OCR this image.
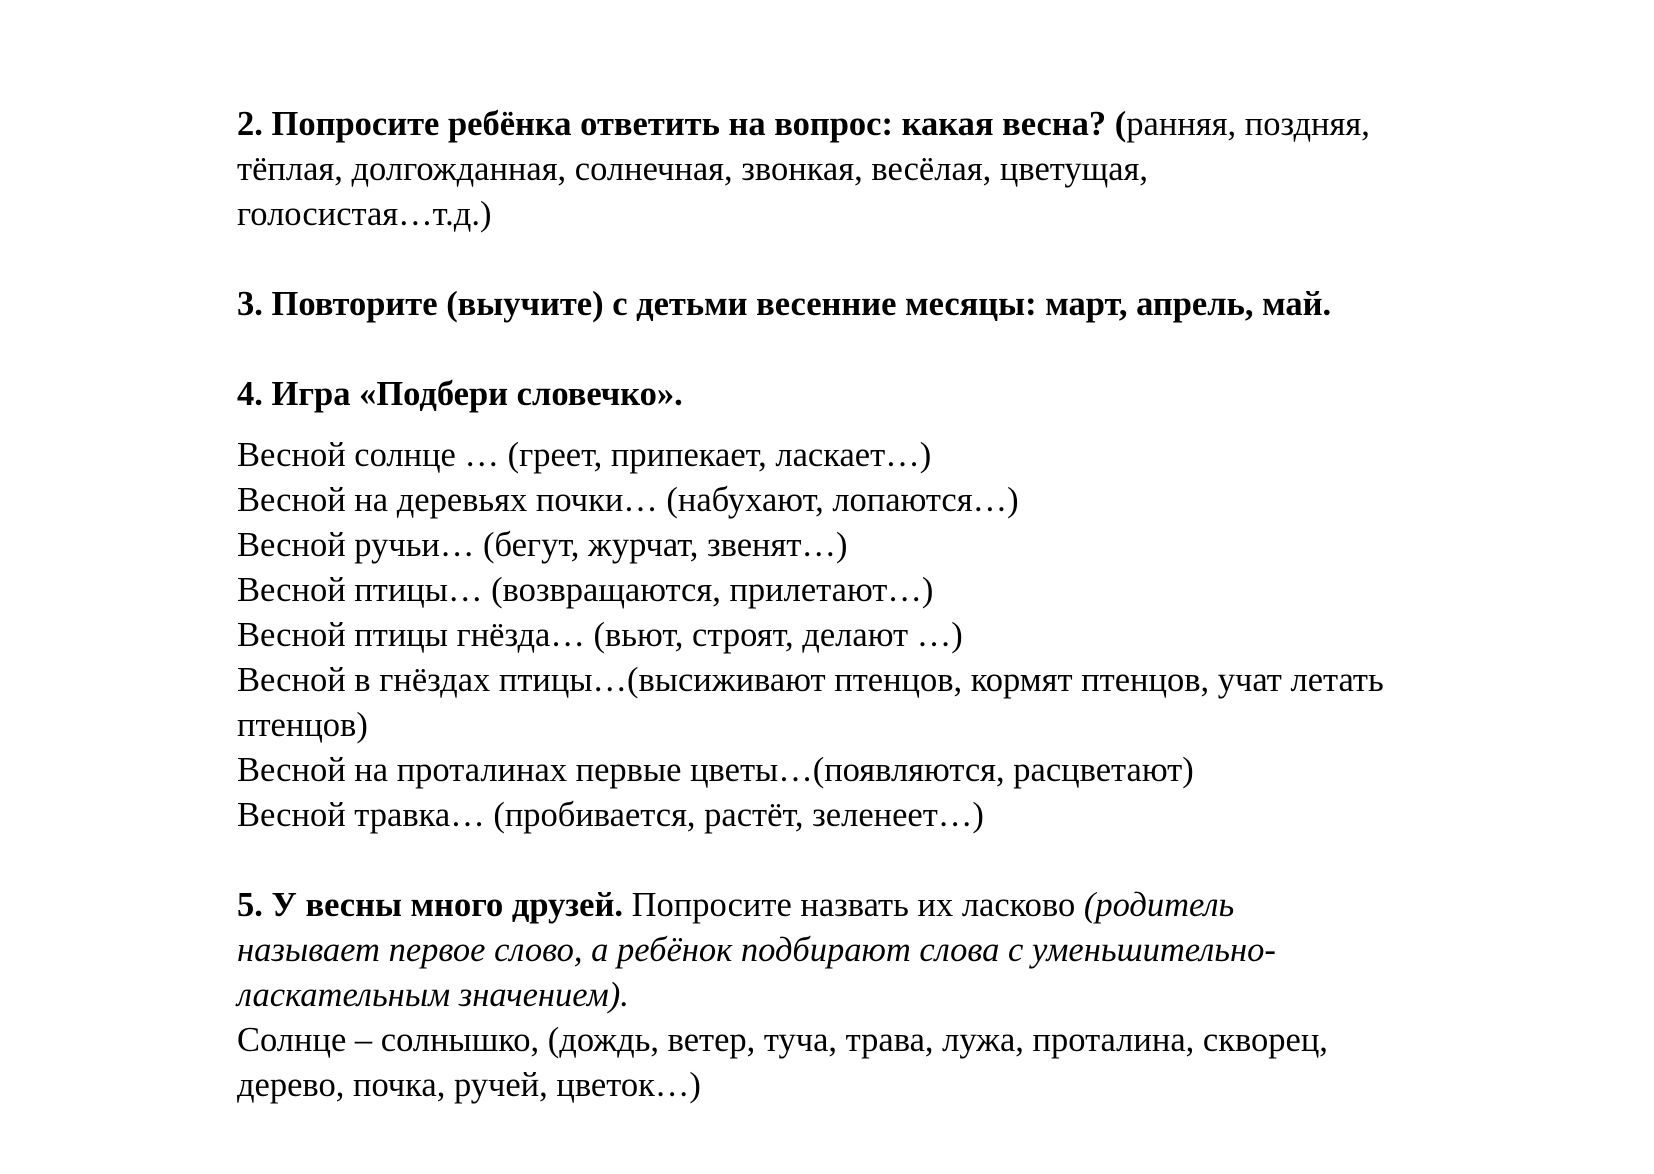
2. Попросите ребёнка ответить на вопрос: какая весна? (ранняя, поздняя,
тёплая, долгожданная, солнечная, звонкая, весёлая, цветущая,
голосистая…т.д.)

3. Повторите (выучите) с детьми весенние месяцы: март, апрель, май.

4. Игра «Подбери словечко».

Весной солнце … (греет, припекает, ласкает…)
Весной на деревьях почки… (набухают, лопаются…)
Весной ручьи… (бегут, журчат, звенят…)
Весной птицы… (возвращаются, прилетают…)
Весной птицы гнёзда… (вьют, строят, делают …)
Весной в гнёздах птицы…(высиживают птенцов, кормят птенцов, учат летать
птенцов)
Весной на проталинах первые цветы…(появляются, расцветают)
Весной травка… (пробивается, растёт, зеленеет…)

5. У весны много друзей. Попросите назвать их ласково (родитель
называет первое слово, а ребёнок подбирают слова с уменьшительно-
ласкательным значением).
Солнце – солнышко, (дождь, ветер, туча, трава, лужа, проталина, скворец,
дерево, почка, ручей, цветок…)
